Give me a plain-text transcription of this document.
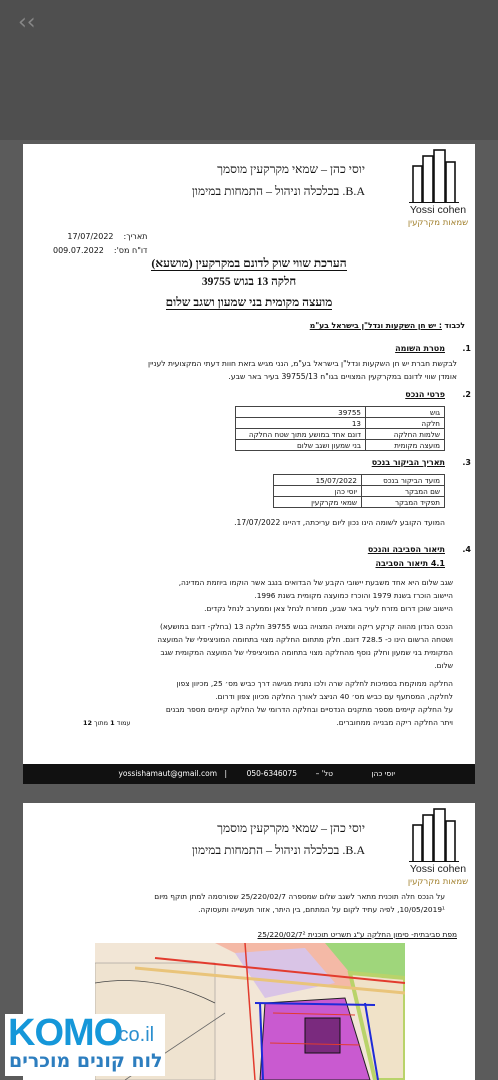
‹‹
יוסי כהן – שמאי מקרקעין מוסמך
B.A. בכלכלה וניהול – התמחות במימון
Yossi cohen
שמאות מקרקעין
תאריך:
17/07/2022
דו"ח מס':
009.07.2022
הערכת שווי שוק לדונם במקרקעין (מושעא)
חלקה 13 בגוש 39755
מועצה מקומית בני שמעון ושגב שלום
לכבוד : יש חן השקעות ונדל"ן בישראל בע"מ
1.
מטרת השומה
לבקשת חברת יש חן השקעות ונדל"ן בישראל בע"מ, הנני מגיש בזאת חוות דעתי המקצועית לעניין
אומדן שווי לדונם במקרקעין המצויים בגו"ח 39755/13 בעיר באר שבע.
2.
פרטי הנכס
גוש	39755
חלקה	13
שלמות החלקה	דונם אחד במושע מתוך שטח החלקה
מועצה מקומית	בני שמעון ושגב שלום
3.
תאריך הביקור בנכס
מועד הביקור בנכס	15/07/2022
שם המבקר	יוסי כהן
תפקיד המבקר	שמאי מקרקעין
המועד הקובע לשומה הינו נכון ליום עריכתה, דהיינו 17/07/2022.
4.
תיאור הסביבה והנכס
4.1 תיאור הסביבה
שגב שלום היא אחד משבעת יישובי הקבע של הבדואים בנגב אשר הוקמו ביוזמת המדינה,
היישוב הוכרז בשנת 1979 והוכרז כמועצה מקומית בשנת 1996.
היישוב שוכן דרום מזרח לעיר באר שבע, ממזרח לנחל צאן וממערב לנחל נקדים.
הנכס הנדון מהווה קרקע ריקה ומצויה המצויה בגוש 39755 חלקה 13 (בחלק- דונם במושעא)
ושטחה הרשום הינו כ- 728.5 דונם. חלק מתחום החלקה מצוי בתחומה המוניציפלי של המועצה
המקומית בני שמעון וחלק נוסף מהחלקה מצוי בתחומה המוניציפלי של המועצה המקומית שגב
שלום.
החלקה ממוקמת בסמיכות לחלקה שרה ולכו נתנית מגישה דרך כביש מס׳ 25, מכיוון צפון
לחלקה, המסתעף עם כביש מס׳ 40 הניצב לאורך החלקה מכיוון צפון ודרום.
על החלקה קיימים מספר מתקנים הנדסיים ובחלקה הדרומי של החלקה קיימים מספר מבנים
ויתר החלקה ריקה מבנייה ממחוברים.
עמוד 1 מתוך 12
יוסי כהן
טל' –
050-6346075
|
yossishamaut@gmail.com
יוסי כהן – שמאי מקרקעין מוסמך
B.A. בכלכלה וניהול – התמחות במימון
Yossi cohen
שמאות מקרקעין
על הנכס חלה תוכנית מתאר לשגב שלום שמספרה 25/220/02/7 שפורסמה למתן תוקף מיום
10/05/2019¹, לפיה עתיד לקום על המתחם, בין היתר, אזור תעשייה ותעסוקה.
מפת סביבתית- סימון החלקה ע"ג תשריט תוכנית 25/220/02/7²
KOMO
.co.il
לוח קונים מוכרים
